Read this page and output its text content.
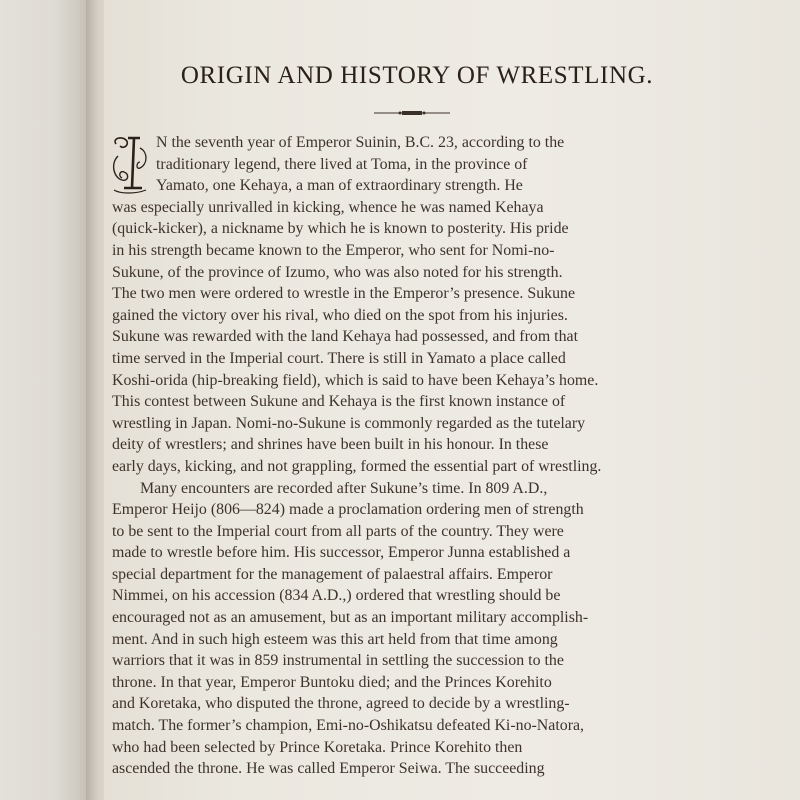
ORIGIN AND HISTORY OF WRESTLING.
N the seventh year of Emperor Suinin, B.C. 23, according to the
traditionary legend, there lived at Toma, in the province of
Yamato, one Kehaya, a man of extraordinary strength. He
was especially unrivalled in kicking, whence he was named Kehaya
(quick-kicker), a nickname by which he is known to posterity. His pride
in his strength became known to the Emperor, who sent for Nomi-no-
Sukune, of the province of Izumo, who was also noted for his strength.
The two men were ordered to wrestle in the Emperor’s presence. Sukune
gained the victory over his rival, who died on the spot from his injuries.
Sukune was rewarded with the land Kehaya had possessed, and from that
time served in the Imperial court. There is still in Yamato a place called
Koshi-orida (hip-breaking field), which is said to have been Kehaya’s home.
This contest between Sukune and Kehaya is the first known instance of
wrestling in Japan. Nomi-no-Sukune is commonly regarded as the tutelary
deity of wrestlers; and shrines have been built in his honour. In these
early days, kicking, and not grappling, formed the essential part of wrestling.
Many encounters are recorded after Sukune’s time. In 809 A.D.,
Emperor Heijo (806—824) made a proclamation ordering men of strength
to be sent to the Imperial court from all parts of the country. They were
made to wrestle before him. His successor, Emperor Junna established a
special department for the management of palaestral affairs. Emperor
Nimmei, on his accession (834 A.D.,) ordered that wrestling should be
encouraged not as an amusement, but as an important military accomplish-
ment. And in such high esteem was this art held from that time among
warriors that it was in 859 instrumental in settling the succession to the
throne. In that year, Emperor Buntoku died; and the Princes Korehito
and Koretaka, who disputed the throne, agreed to decide by a wrestling-
match. The former’s champion, Emi-no-Oshikatsu defeated Ki-no-Natora,
who had been selected by Prince Koretaka. Prince Korehito then
ascended the throne. He was called Emperor Seiwa. The succeeding
